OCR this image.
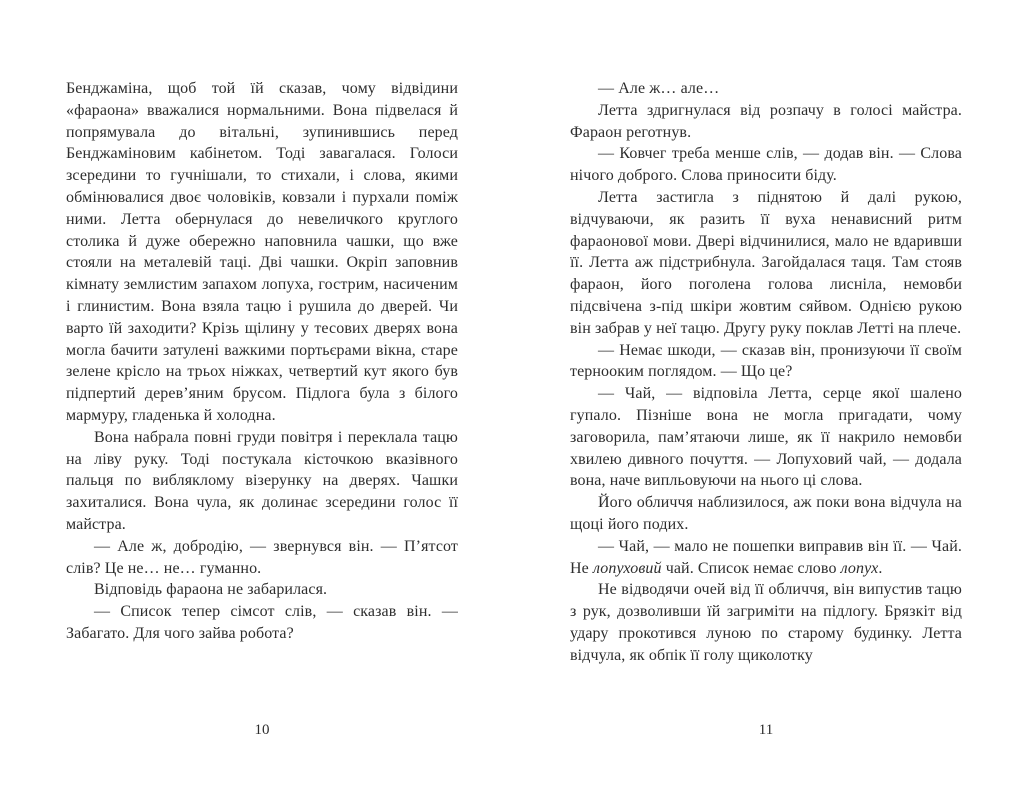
Бенджаміна, щоб той їй сказав, чому відвідини «фараона» вважалися нормальними. Вона підвелася й попрямувала до вітальні, зупинившись перед Бенджаміновим кабінетом. Тоді завагалася. Голоси зсередини то гучнішали, то стихали, і слова, якими обмінювалися двоє чоловіків, ковзали і пурхали поміж ними. Летта обернулася до невеличкого круглого столика й дуже обережно наповнила чашки, що вже стояли на металевій таці. Дві чашки. Окріп заповнив кімнату землистим запахом лопуха, гострим, насиченим і глинистим. Вона взяла тацю і рушила до дверей. Чи варто їй заходити? Крізь щілину у тесових дверях вона могла бачити затулені важкими портьєрами вікна, старе зелене крісло на трьох ніжках, четвертий кут якого був підпертий дерев’яним брусом. Підлога була з білого мармуру, гладенька й холодна.

Вона набрала повні груди повітря і переклала тацю на ліву руку. Тоді постукала кісточкою вказівного пальця по вибляклому візерунку на дверях. Чашки захиталися. Вона чула, як долинає зсередини голос її майстра.

— Але ж, добродію, — звернувся він. — П’ятсот слів? Це не… не… гуманно.

Відповідь фараона не забарилася.

— Список тепер сімсот слів, — сказав він. — Забагато. Для чого зайва робота?

10

— Але ж… але…

Летта здригнулася від розпачу в голосі майстра. Фараон реготнув.

— Ковчег треба менше слів, — додав він. — Слова нічого доброго. Слова приносити біду.

Летта застигла з піднятою й далі рукою, відчуваючи, як разить її вуха ненависний ритм фараонової мови. Двері відчинилися, мало не вдаривши її. Летта аж підстрибнула. Загойдалася таця. Там стояв фараон, його поголена голова лисніла, немовби підсвічена з-під шкіри жовтим сяйвом. Однією рукою він забрав у неї тацю. Другу руку поклав Летті на плече.

— Немає шкоди, — сказав він, пронизуючи її своїм тернооким поглядом. — Що це?

— Чай, — відповіла Летта, серце якої шалено гупало. Пізніше вона не могла пригадати, чому заговорила, пам’ятаючи лише, як її накрило немовби хвилею дивного почуття. — Лопуховий чай, — додала вона, наче випльовуючи на нього ці слова.

Його обличчя наблизилося, аж поки вона відчула на щоці його подих.

— Чай, — мало не пошепки виправив він її. — Чай. Не лопуховий чай. Список немає слово лопух.

Не відводячи очей від її обличчя, він випустив тацю з рук, дозволивши їй загриміти на підлогу. Брязкіт від удару прокотився луною по старому будинку. Летта відчула, як обпік її голу щиколотку

11
